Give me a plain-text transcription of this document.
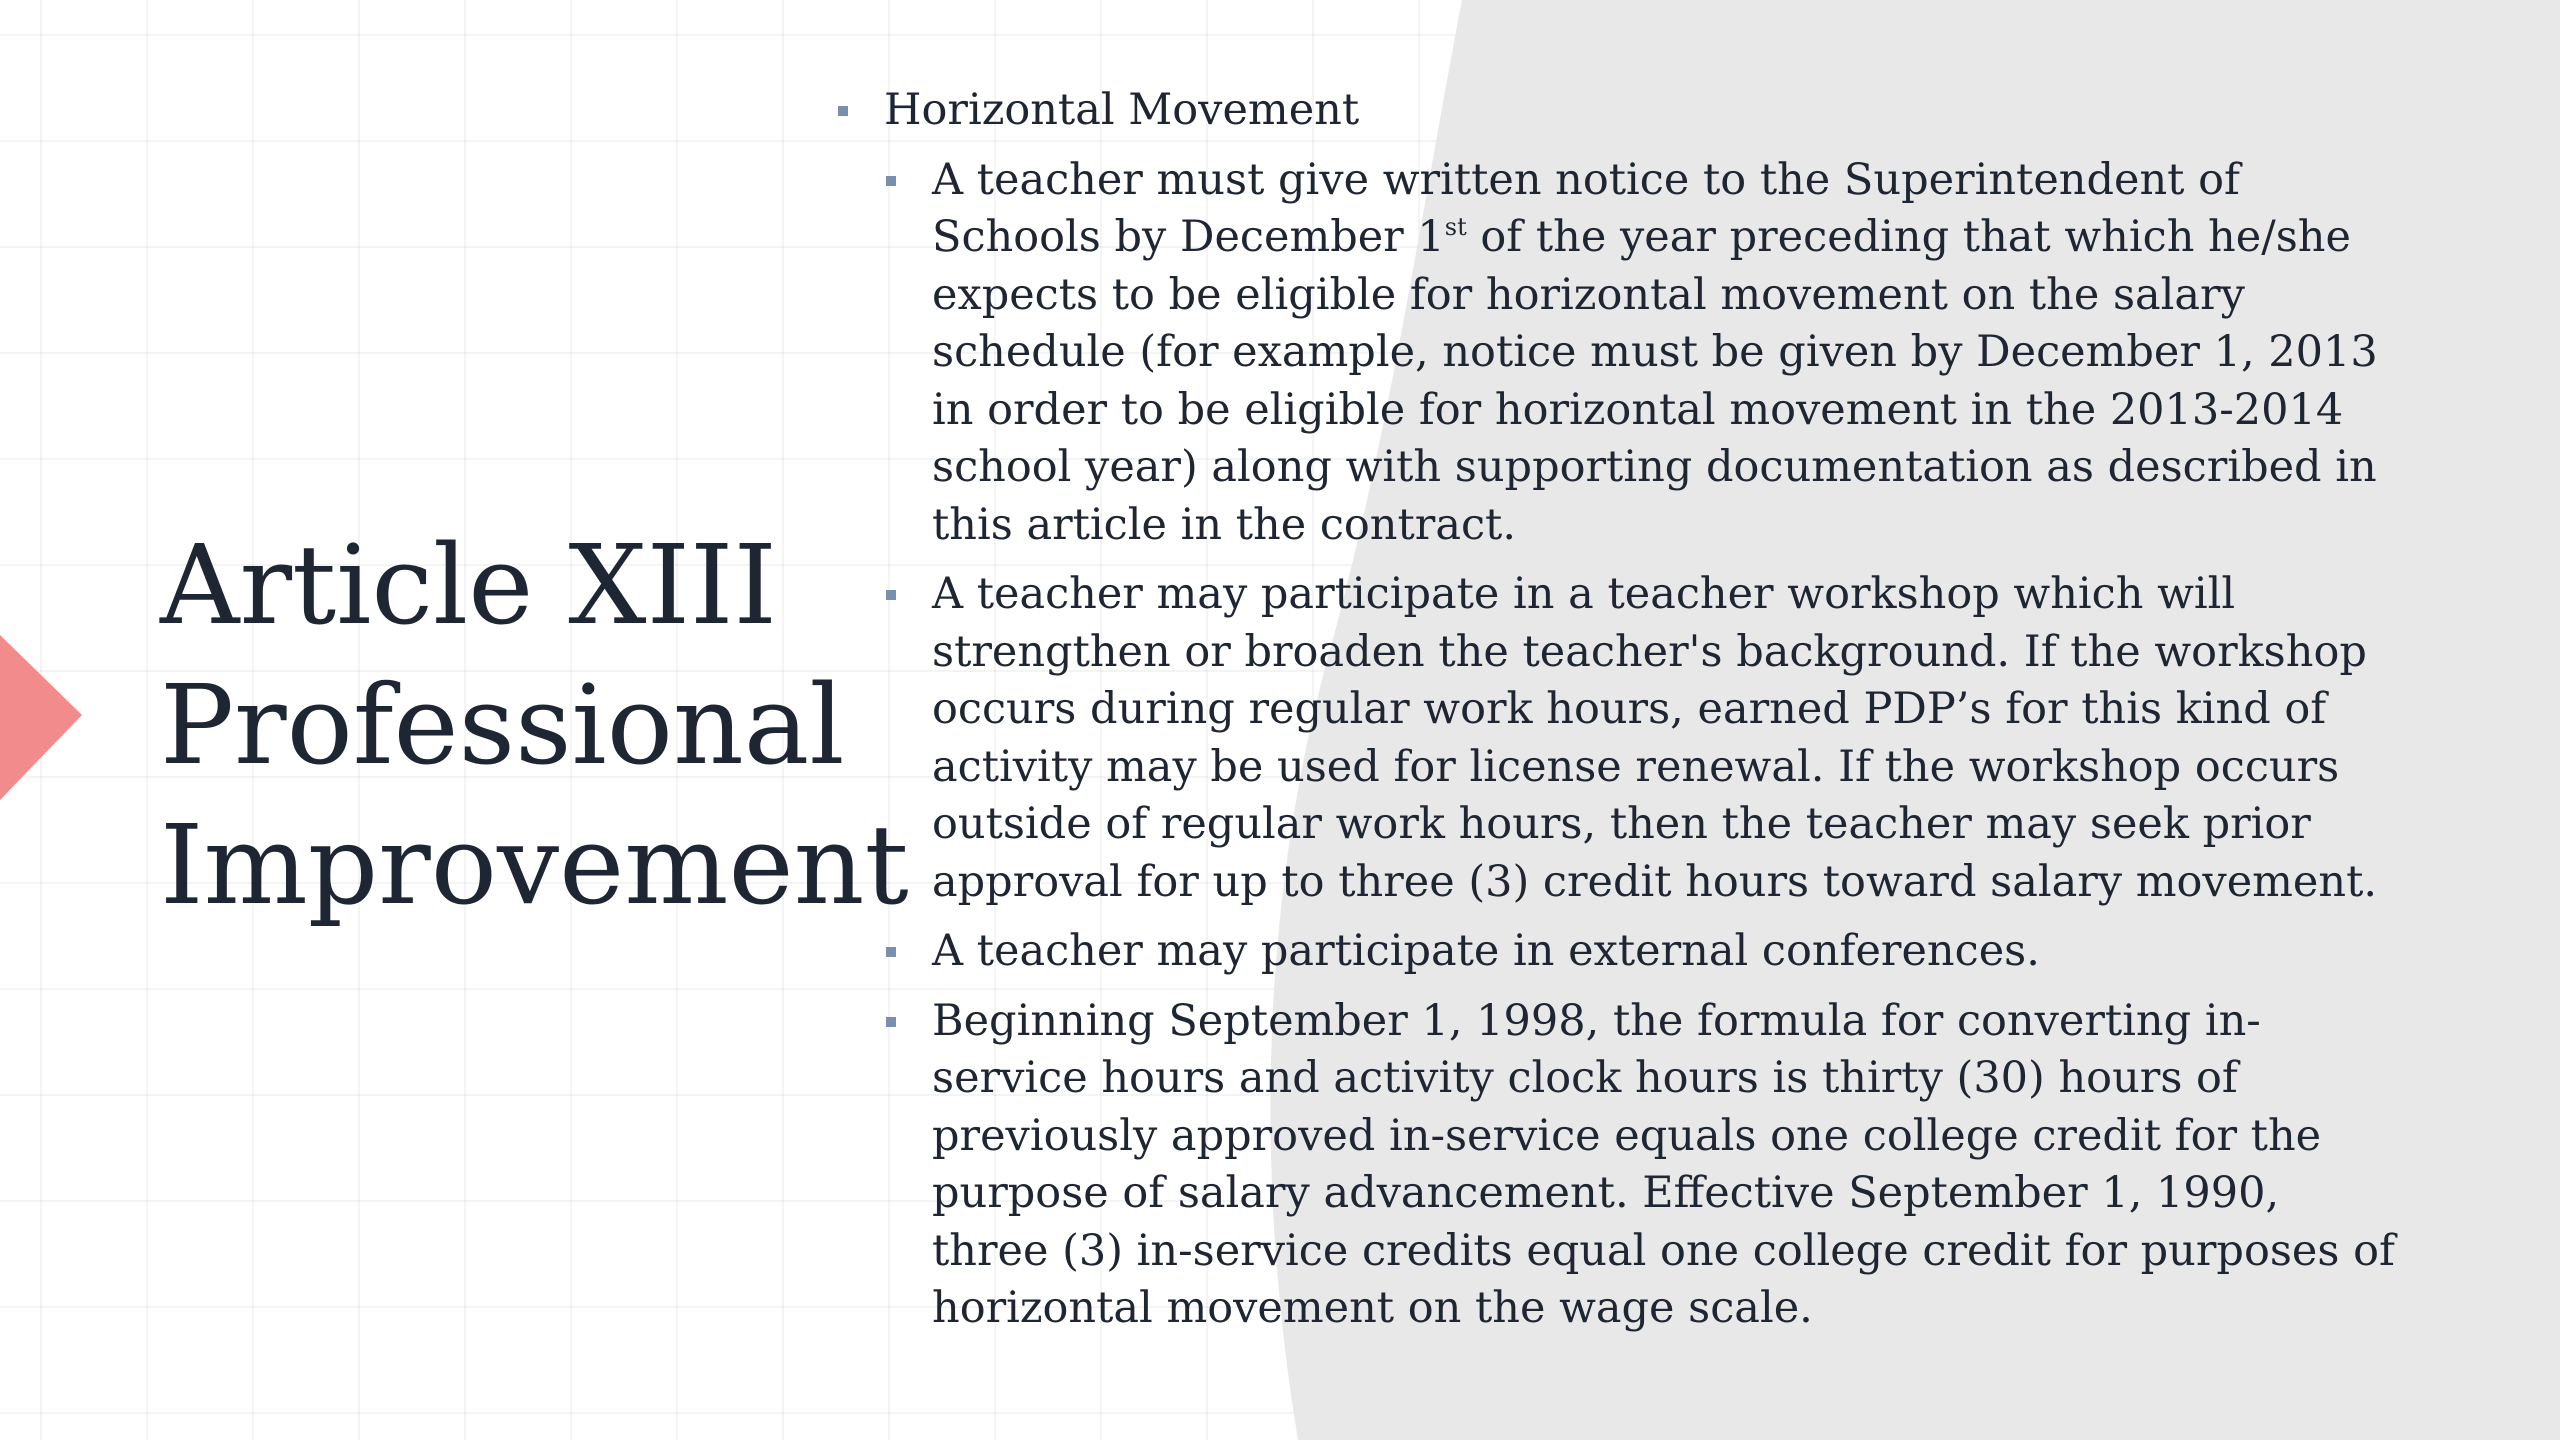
Article XIII
Professional
Improvement
Horizontal Movement
A teacher must give written notice to the Superintendent of Schools by December 1st of the year preceding that which he/she expects to be eligible for horizontal movement on the salary schedule (for example, notice must be given by December 1, 2013 in order to be eligible for horizontal movement in the 2013-2014 school year) along with supporting documentation as described in this article in the contract.
A teacher may participate in a teacher workshop which will strengthen or broaden the teacher's background. If the workshop occurs during regular work hours, earned PDP’s for this kind of activity may be used for license renewal. If the workshop occurs outside of regular work hours, then the teacher may seek prior approval for up to three (3) credit hours toward salary movement.
A teacher may participate in external conferences.
Beginning September 1, 1998, the formula for converting in-service hours and activity clock hours is thirty (30) hours of previously approved in-service equals one college credit for the purpose of salary advancement. Effective September 1, 1990, three (3) in-service credits equal one college credit for purposes of horizontal movement on the wage scale.
